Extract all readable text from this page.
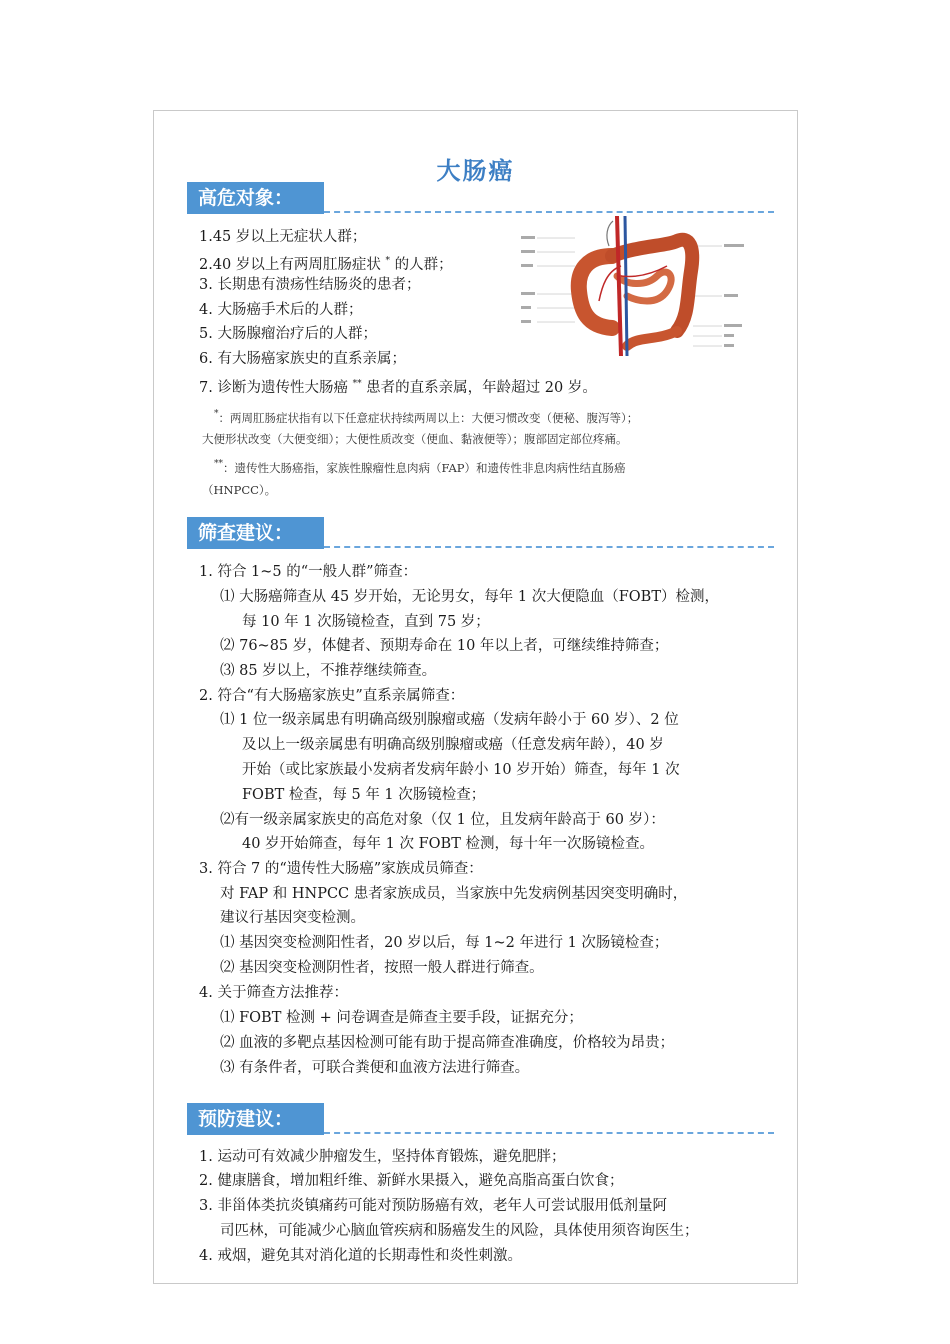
大肠癌
高危对象：
1.45 岁以上无症状人群；
2.40 岁以上有两周肛肠症状 * 的人群；
3. 长期患有溃疡性结肠炎的患者；
4. 大肠癌手术后的人群；
5. 大肠腺瘤治疗后的人群；
6. 有大肠癌家族史的直系亲属；
7. 诊断为遗传性大肠癌 ** 患者的直系亲属，年龄超过 20 岁。
*：两周肛肠症状指有以下任意症状持续两周以上：大便习惯改变（便秘、腹泻等）；
大便形状改变（大便变细）；大便性质改变（便血、黏液便等）；腹部固定部位疼痛。
**：遗传性大肠癌指，家族性腺瘤性息肉病（FAP）和遗传性非息肉病性结直肠癌
（HNPCC）。
筛查建议：
1. 符合 1~5 的“一般人群”筛查：
⑴ 大肠癌筛查从 45 岁开始，无论男女，每年 1 次大便隐血（FOBT）检测，
每 10 年 1 次肠镜检查，直到 75 岁；
⑵ 76~85 岁，体健者、预期寿命在 10 年以上者，可继续维持筛查；
⑶ 85 岁以上，不推荐继续筛查。
2. 符合“有大肠癌家族史”直系亲属筛查：
⑴ 1 位一级亲属患有明确高级别腺瘤或癌（发病年龄小于 60 岁）、2 位
及以上一级亲属患有明确高级别腺瘤或癌（任意发病年龄），40 岁
开始（或比家族最小发病者发病年龄小 10 岁开始）筛查，每年 1 次
FOBT 检查，每 5 年 1 次肠镜检查；
⑵有一级亲属家族史的高危对象（仅 1 位，且发病年龄高于 60 岁）：
40 岁开始筛查，每年 1 次 FOBT 检测，每十年一次肠镜检查。
3. 符合 7 的“遗传性大肠癌”家族成员筛查：
对 FAP 和 HNPCC 患者家族成员，当家族中先发病例基因突变明确时，
建议行基因突变检测。
⑴ 基因突变检测阳性者，20 岁以后，每 1~2 年进行 1 次肠镜检查；
⑵ 基因突变检测阴性者，按照一般人群进行筛查。
4. 关于筛查方法推荐：
⑴ FOBT 检测 + 问卷调查是筛查主要手段，证据充分；
⑵ 血液的多靶点基因检测可能有助于提高筛查准确度，价格较为昂贵；
⑶ 有条件者，可联合粪便和血液方法进行筛查。
预防建议：
1. 运动可有效减少肿瘤发生，坚持体育锻炼，避免肥胖；
2. 健康膳食，增加粗纤维、新鲜水果摄入，避免高脂高蛋白饮食；
3. 非甾体类抗炎镇痛药可能对预防肠癌有效，老年人可尝试服用低剂量阿
司匹林，可能减少心脑血管疾病和肠癌发生的风险，具体使用须咨询医生；
4. 戒烟，避免其对消化道的长期毒性和炎性刺激。
